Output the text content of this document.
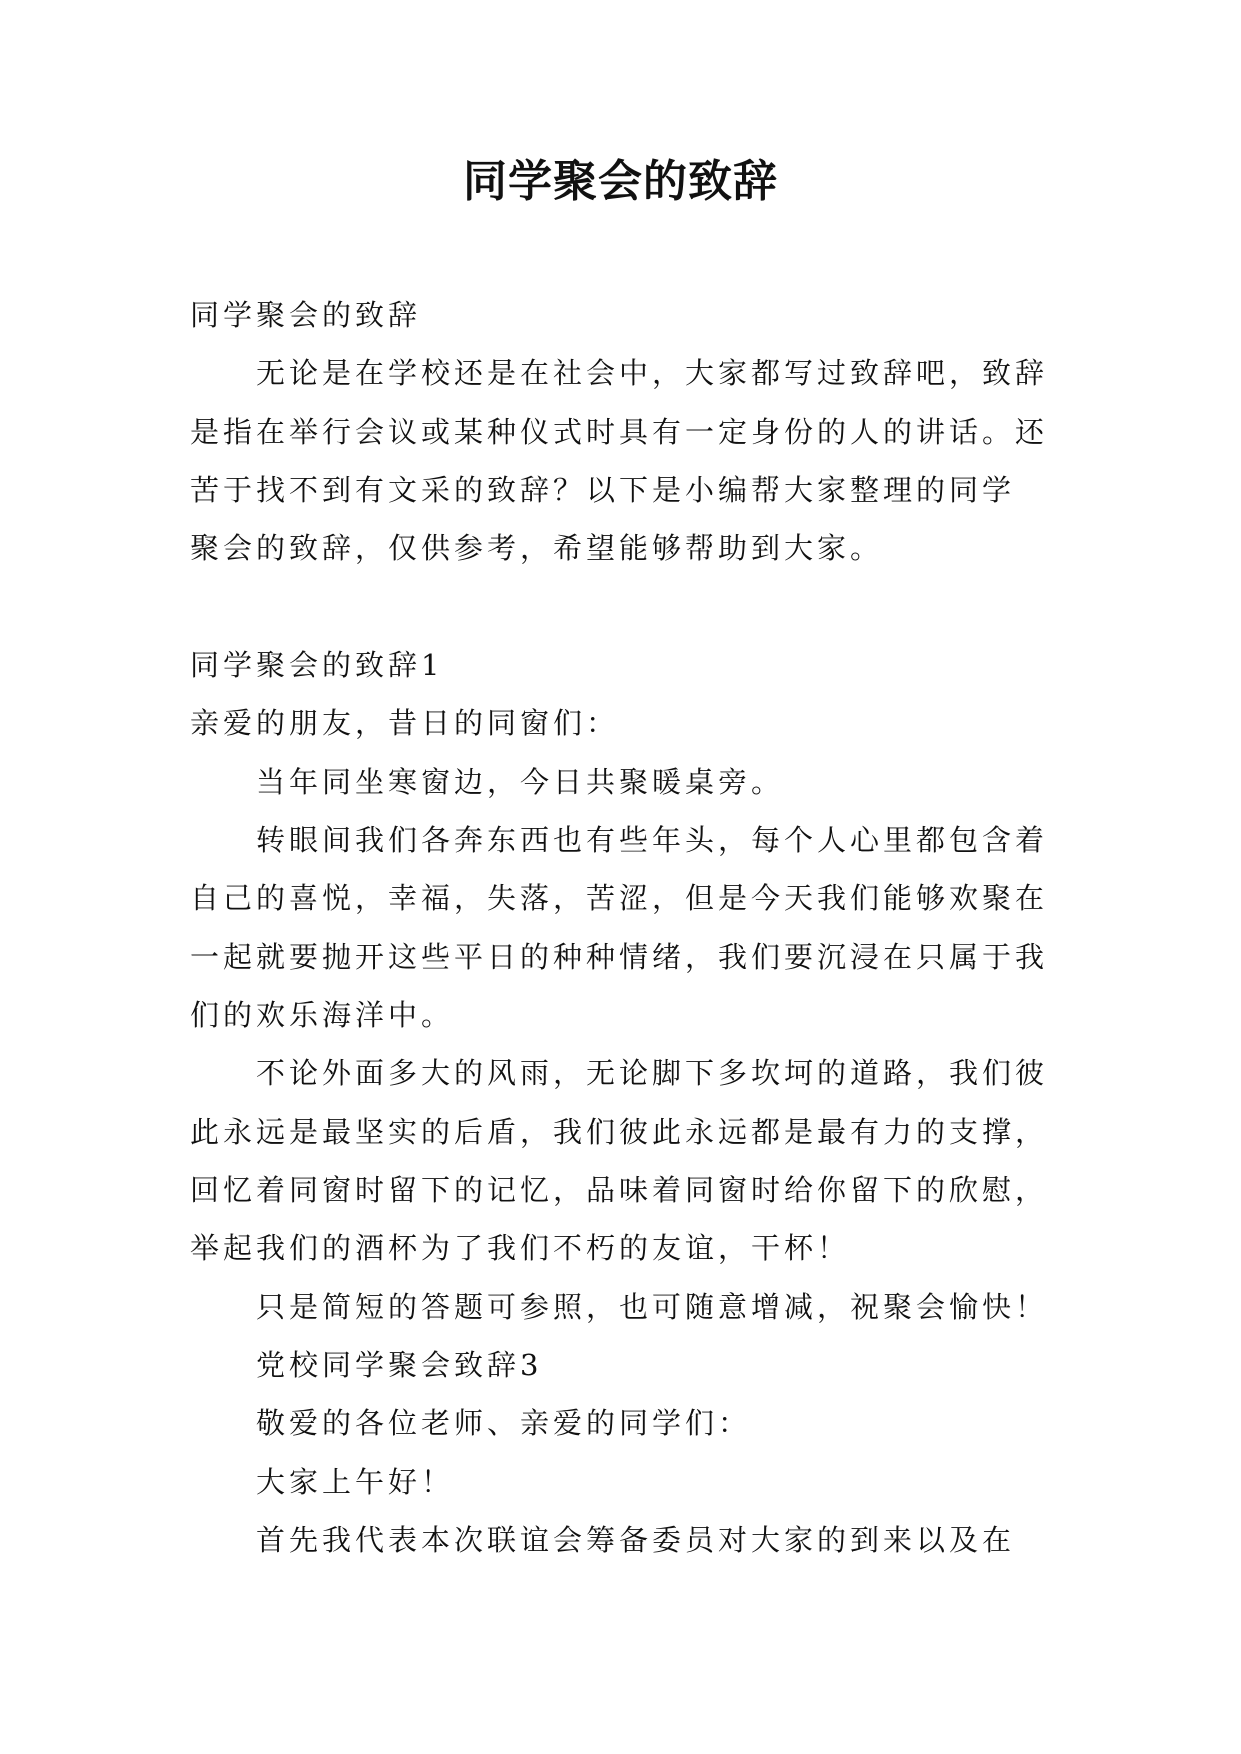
同学聚会的致辞
同学聚会的致辞
无论是在学校还是在社会中，大家都写过致辞吧，致辞
是指在举行会议或某种仪式时具有一定身份的人的讲话。还
苦于找不到有文采的致辞？以下是小编帮大家整理的同学
聚会的致辞，仅供参考，希望能够帮助到大家。
同学聚会的致辞1
亲爱的朋友，昔日的同窗们：
当年同坐寒窗边，今日共聚暖桌旁。
转眼间我们各奔东西也有些年头，每个人心里都包含着
自己的喜悦，幸福，失落，苦涩，但是今天我们能够欢聚在
一起就要抛开这些平日的种种情绪，我们要沉浸在只属于我
们的欢乐海洋中。
不论外面多大的风雨，无论脚下多坎坷的道路，我们彼
此永远是最坚实的后盾，我们彼此永远都是最有力的支撑，
回忆着同窗时留下的记忆，品味着同窗时给你留下的欣慰，
举起我们的酒杯为了我们不朽的友谊，干杯！
只是简短的答题可参照，也可随意增减，祝聚会愉快！
党校同学聚会致辞3
敬爱的各位老师、亲爱的同学们：
大家上午好！
首先我代表本次联谊会筹备委员对大家的到来以及在
